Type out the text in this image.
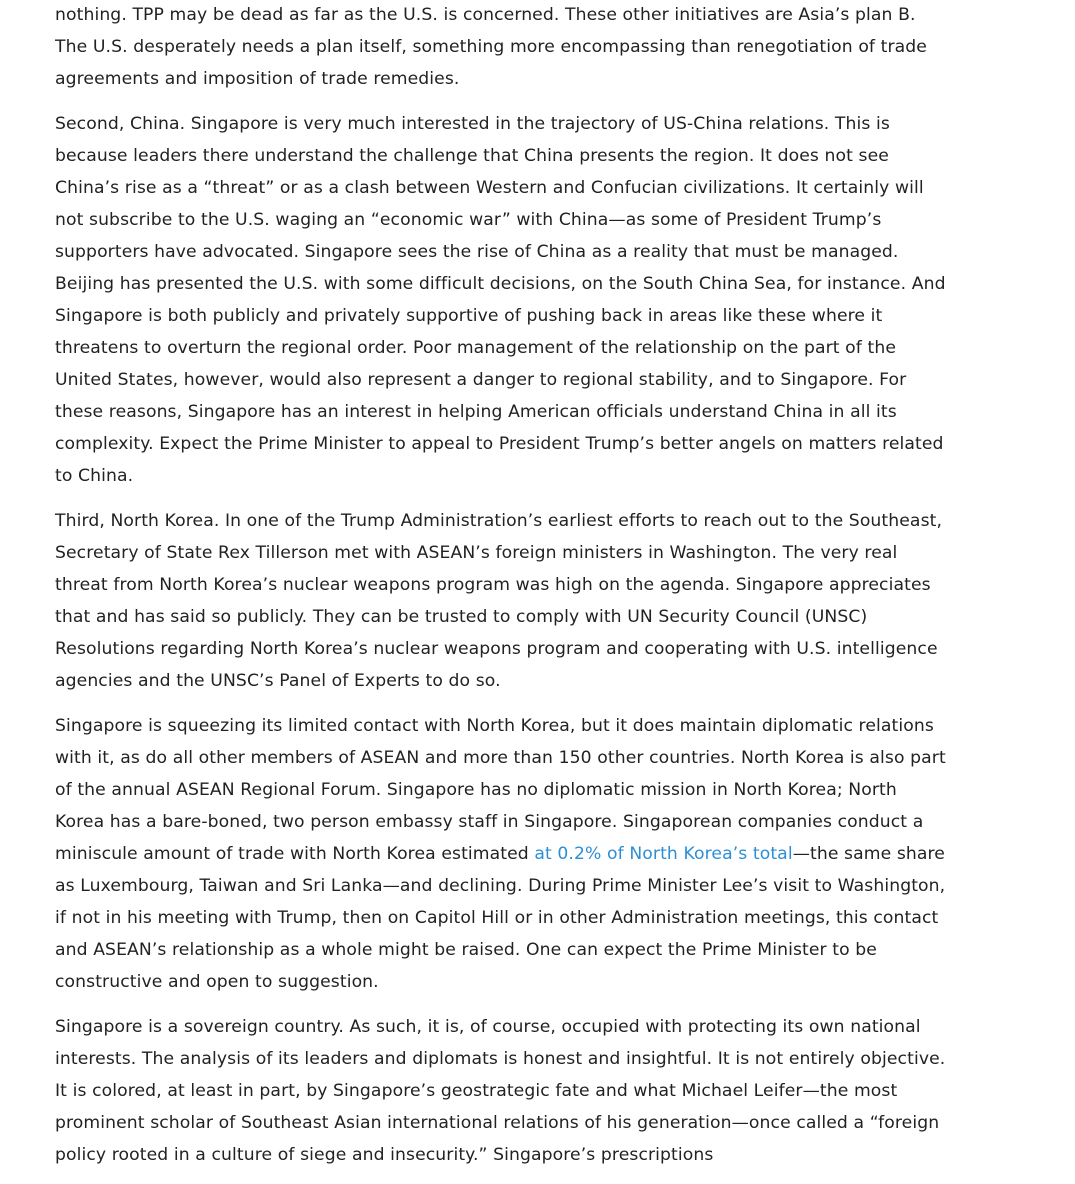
nothing. TPP may be dead as far as the U.S. is concerned. These other initiatives are Asia’s plan B. The U.S. desperately needs a plan itself, something more encompassing than renegotiation of trade agreements and imposition of trade remedies.

Second, China. Singapore is very much interested in the trajectory of US-China relations. This is because leaders there understand the challenge that China presents the region. It does not see China’s rise as a “threat” or as a clash between Western and Confucian civilizations. It certainly will not subscribe to the U.S. waging an “economic war” with China—as some of President Trump’s supporters have advocated. Singapore sees the rise of China as a reality that must be managed. Beijing has presented the U.S. with some difficult decisions, on the South China Sea, for instance. And Singapore is both publicly and privately supportive of pushing back in areas like these where it threatens to overturn the regional order. Poor management of the relationship on the part of the United States, however, would also represent a danger to regional stability, and to Singapore. For these reasons, Singapore has an interest in helping American officials understand China in all its complexity. Expect the Prime Minister to appeal to President Trump’s better angels on matters related to China.

Third, North Korea. In one of the Trump Administration’s earliest efforts to reach out to the Southeast, Secretary of State Rex Tillerson met with ASEAN’s foreign ministers in Washington. The very real threat from North Korea’s nuclear weapons program was high on the agenda. Singapore appreciates that and has said so publicly. They can be trusted to comply with UN Security Council (UNSC) Resolutions regarding North Korea’s nuclear weapons program and cooperating with U.S. intelligence agencies and the UNSC’s Panel of Experts to do so.

Singapore is squeezing its limited contact with North Korea, but it does maintain diplomatic relations with it, as do all other members of ASEAN and more than 150 other countries. North Korea is also part of the annual ASEAN Regional Forum. Singapore has no diplomatic mission in North Korea; North Korea has a bare-boned, two person embassy staff in Singapore. Singaporean companies conduct a miniscule amount of trade with North Korea estimated at 0.2% of North Korea’s total—the same share as Luxembourg, Taiwan and Sri Lanka—and declining. During Prime Minister Lee’s visit to Washington, if not in his meeting with Trump, then on Capitol Hill or in other Administration meetings, this contact and ASEAN’s relationship as a whole might be raised. One can expect the Prime Minister to be constructive and open to suggestion.

Singapore is a sovereign country. As such, it is, of course, occupied with protecting its own national interests. The analysis of its leaders and diplomats is honest and insightful. It is not entirely objective. It is colored, at least in part, by Singapore’s geostrategic fate and what Michael Leifer—the most prominent scholar of Southeast Asian international relations of his generation—once called a “foreign policy rooted in a culture of siege and insecurity.” Singapore’s prescriptions
